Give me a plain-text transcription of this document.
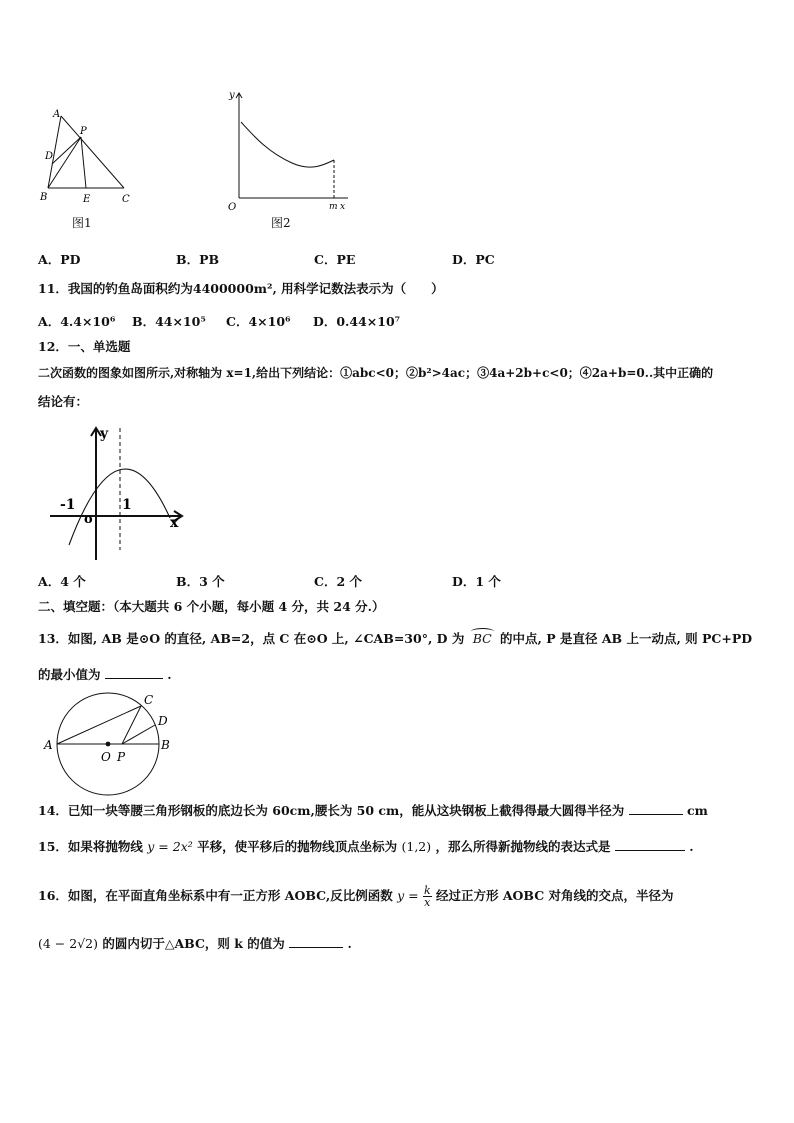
A
P
D
B	E	C
图1
y
O	m x
图2
A．PD	B．PB	C．PE	D．PC
11．我国的钓鱼岛面积约为4400000m², 用科学记数法表示为（　　）
A．4.4×10⁶ B．44×10⁵ C．4×10⁶ D．0.44×10⁷
12．一、单选题
二次函数的图象如图所示,对称轴为 x=1,给出下列结论：①abc<0；②b²>4ac；③4a+2b+c<0；④2a+b=0..其中正确的
结论有：
y
x
o
-1	1
A．4 个	B．3 个	C．2 个	D．1 个
二、填空题：（本大题共 6 个小题，每小题 4 分，共 24 分.）
13．如图, AB 是⊙O 的直径, AB=2，点 C 在⊙O 上, ∠CAB=30°, D 为 BC 的中点, P 是直径 AB 上一动点, 则 PC+PD
的最小值为	.
A	B
C
D
O P
14．已知一块等腰三角形钢板的底边长为 60cm,腰长为 50 cm，能从这块钢板上截得得最大圆得半径为	cm
15．如果将抛物线 y = 2x² 平移，使平移后的抛物线顶点坐标为 (1,2) ，那么所得新抛物线的表达式是	.
16．如图，在平面直角坐标系中有一正方形 AOBC,反比例函数 $y = \frac{k}{x}$ 经过正方形 AOBC 对角线的交点，半径为
(4 − 2√2) 的圆内切于△ABC，则 k 的值为	.
